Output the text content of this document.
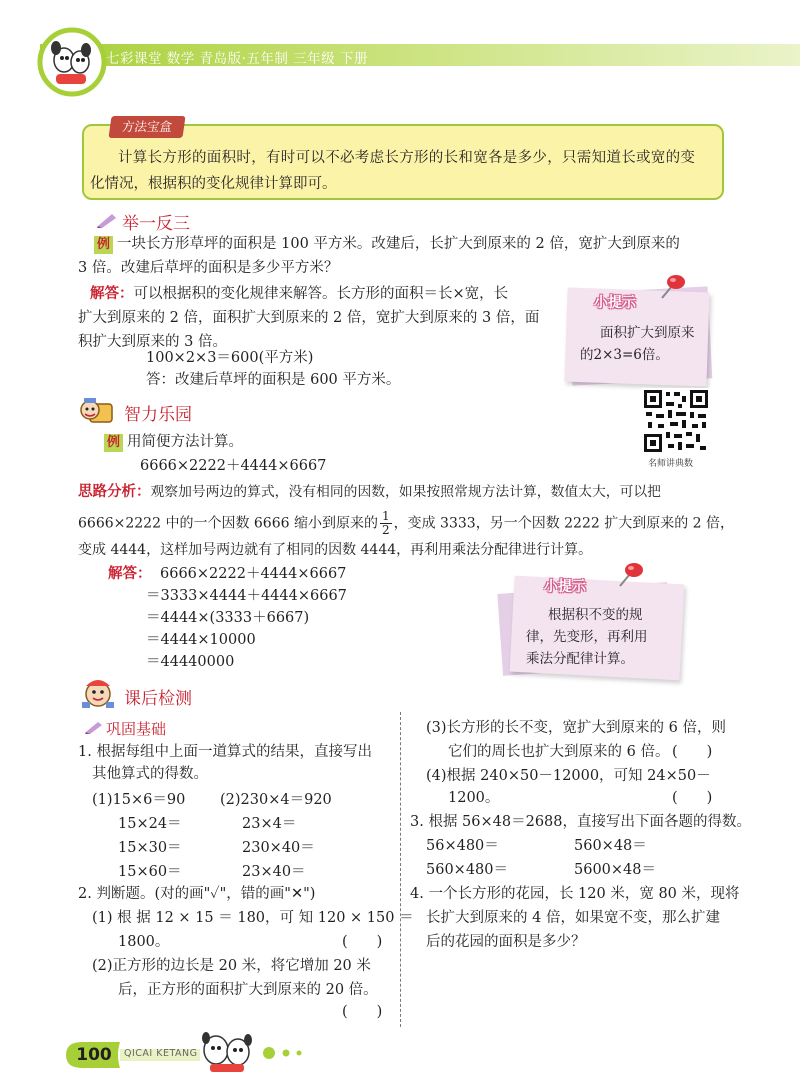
七彩课堂 数学 青岛版·五年制 三年级 下册
方法宝盒
计算长方形的面积时，有时可以不必考虑长方形的长和宽各是多少，只需知道长或宽的变
化情况，根据积的变化规律计算即可。
举一反三
例 一块长方形草坪的面积是 100 平方米。改建后，长扩大到原来的 2 倍，宽扩大到原来的
3 倍。改建后草坪的面积是多少平方米？
解答：可以根据积的变化规律来解答。长方形的面积＝长×宽，长
扩大到原来的 2 倍，面积扩大到原来的 2 倍，宽扩大到原来的 3 倍，面
积扩大到原来的 3 倍。
100×2×3＝600(平方米)
答：改建后草坪的面积是 600 平方米。
小提示
面积扩大到原来
的2×3=6倍。
名师讲典数
智力乐园
例 用简便方法计算。
6666×2222＋4444×6667
思路分析：观察加号两边的算式，没有相同的因数，如果按照常规方法计算，数值太大，可以把
6666×2222 中的一个因数 6666 缩小到原来的 $\frac{1}{2}$ ，变成 3333，另一个因数 2222 扩大到原来的 2 倍，
变成 4444，这样加号两边就有了相同的因数 4444，再利用乘法分配律进行计算。
解答： 6666×2222＋4444×6667
＝3333×4444＋4444×6667
＝4444×(3333＋6667)
＝4444×10000
＝44440000
小提示
根据积不变的规
律，先变形，再利用
乘法分配律计算。
课后检测
巩固基础
1. 根据每组中上面一道算式的结果，直接写出
其他算式的得数。
(1)15×6＝90
15×24＝
15×30＝
15×60＝
(2)230×4＝920
23×4＝
230×40＝
23×40＝
2. 判断题。(对的画"✓"，错的画"✕")
(1) 根 据 12 × 15 ＝ 180，可 知 120 × 150 ＝
1800。	(　　)
(2)正方形的边长是 20 米，将它增加 20 米
后，正方形的面积扩大到原来的 20 倍。
(　　)
(3)长方形的长不变，宽扩大到原来的 6 倍，则
它们的周长也扩大到原来的 6 倍。 (　　)
(4)根据 240×50－12000，可知 24×50－
1200。	(　　)
3. 根据 56×48＝2688，直接写出下面各题的得数。
56×480＝	560×48＝
560×480＝	5600×48＝
4. 一个长方形的花园，长 120 米，宽 80 米，现将
长扩大到原来的 4 倍，如果宽不变，那么扩建
后的花园的面积是多少？
100	QICAI KETANG
